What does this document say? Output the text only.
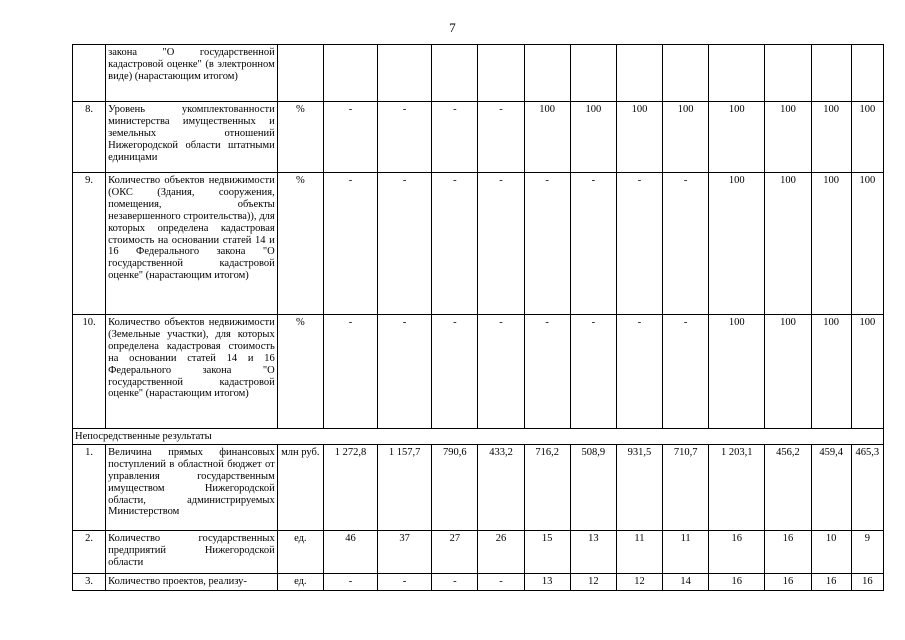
7
	закона "О государственной кадастровой оценке" (в электронном виде) (нарастающим итогом)													
8.	Уровень укомплектованности министерства имущественных и земельных отношений Нижегородской области штатными единицами	%	-	-	-	-	100	100	100	100	100	100	100	100
9.	Количество объектов недвижимости (ОКС (Здания, сооружения, помещения, объекты незавершенного строительства)), для которых определена кадастровая стоимость на основании статей 14 и 16 Федерального закона "О государственной кадастровой оценке" (нарастающим итогом)	%	-	-	-	-	-	-	-	-	100	100	100	100
10.	Количество объектов недвижимости (Земельные участки), для которых определена кадастровая стоимость на основании статей 14 и 16 Федерального закона "О государственной кадастровой оценке" (нарастающим итогом)	%	-	-	-	-	-	-	-	-	100	100	100	100
Непосредственные результаты														
1.	Величина прямых финансовых поступлений в областной бюджет от управления государственным имуществом Нижегородской области, администрируемых Министерством	млн руб.	1 272,8	1 157,7	790,6	433,2	716,2	508,9	931,5	710,7	1 203,1	456,2	459,4	465,3
2.	Количество государственных предприятий Нижегородской области	ед.	46	37	27	26	15	13	11	11	16	16	10	9
3.	Количество проектов, реализу-	ед.	-	-	-	-	13	12	12	14	16	16	16	16
